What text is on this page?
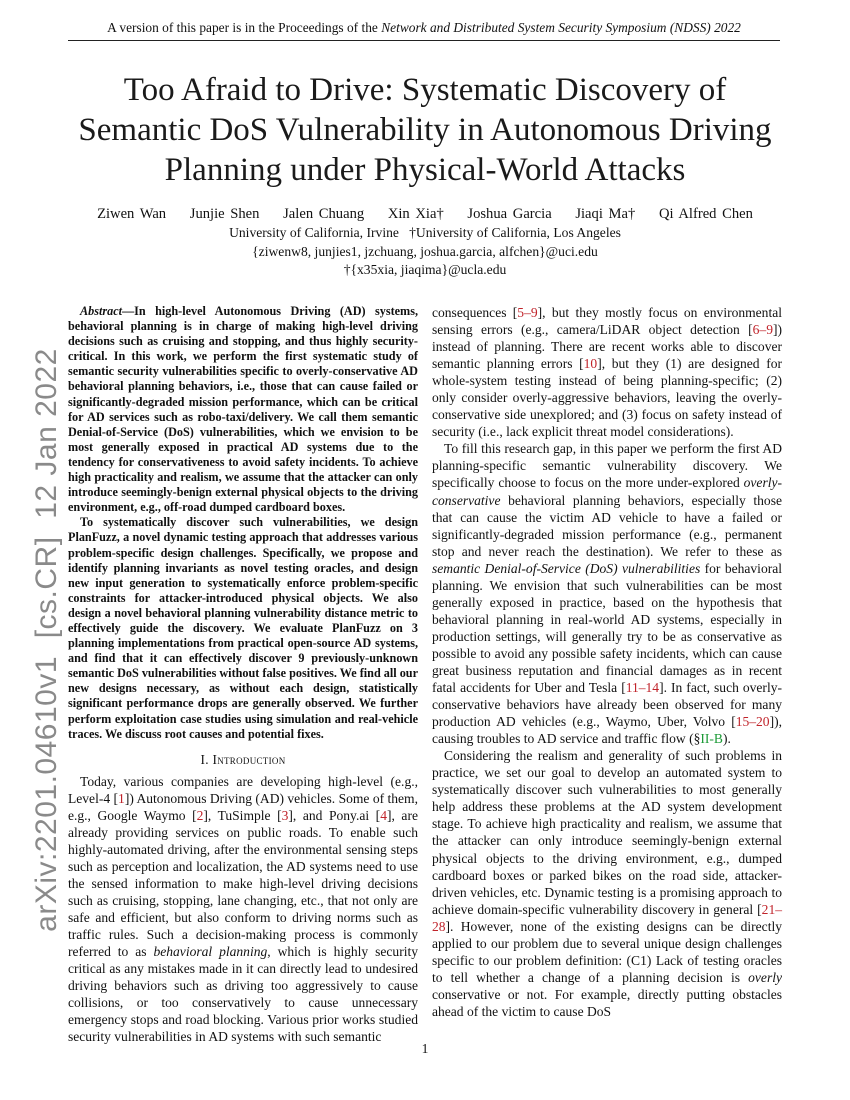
A version of this paper is in the Proceedings of the Network and Distributed System Security Symposium (NDSS) 2022
Too Afraid to Drive: Systematic Discovery of
Semantic DoS Vulnerability in Autonomous Driving
Planning under Physical-World Attacks
Ziwen Wan Junjie Shen Jalen Chuang Xin Xia† Joshua Garcia Jiaqi Ma† Qi Alfred Chen
University of California, Irvine   †University of California, Los Angeles
{ziwenw8, junjies1, jzchuang, joshua.garcia, alfchen}@uci.edu
†{x35xia, jiaqima}@ucla.edu
arXiv:2201.04610v1  [cs.CR]  12 Jan 2022

Abstract—In high-level Autonomous Driving (AD) systems, behavioral planning is in charge of making high-level driving decisions such as cruising and stopping, and thus highly security-critical. In this work, we perform the first systematic study of semantic security vulnerabilities specific to overly-conservative AD behavioral planning behaviors, i.e., those that can cause failed or significantly-degraded mission performance, which can be critical for AD services such as robo-taxi/delivery. We call them semantic Denial-of-Service (DoS) vulnerabilities, which we envision to be most generally exposed in practical AD systems due to the tendency for conservativeness to avoid safety incidents. To achieve high practicality and realism, we assume that the attacker can only introduce seemingly-benign external physical objects to the driving environment, e.g., off-road dumped cardboard boxes.

To systematically discover such vulnerabilities, we design PlanFuzz, a novel dynamic testing approach that addresses various problem-specific design challenges. Specifically, we propose and identify planning invariants as novel testing oracles, and design new input generation to systematically enforce problem-specific constraints for attacker-introduced physical objects. We also design a novel behavioral planning vulnerability distance metric to effectively guide the discovery. We evaluate PlanFuzz on 3 planning implementations from practical open-source AD systems, and find that it can effectively discover 9 previously-unknown semantic DoS vulnerabilities without false positives. We find all our new designs necessary, as without each design, statistically significant performance drops are generally observed. We further perform exploitation case studies using simulation and real-vehicle traces. We discuss root causes and potential fixes.

I. Introduction

Today, various companies are developing high-level (e.g., Level-4 [1]) Autonomous Driving (AD) vehicles. Some of them, e.g., Google Waymo [2], TuSimple [3], and Pony.ai [4], are already providing services on public roads. To enable such highly-automated driving, after the environmental sensing steps such as perception and localization, the AD systems need to use the sensed information to make high-level driving decisions such as cruising, stopping, lane changing, etc., that not only are safe and efficient, but also conform to driving norms such as traffic rules. Such a decision-making process is commonly referred to as behavioral planning, which is highly security critical as any mistakes made in it can directly lead to undesired driving behaviors such as driving too aggressively to cause collisions, or too conservatively to cause unnecessary emergency stops and road blocking. Various prior works studied security vulnerabilities in AD systems with such semantic

consequences [5–9], but they mostly focus on environmental sensing errors (e.g., camera/LiDAR object detection [6–9]) instead of planning. There are recent works able to discover semantic planning errors [10], but they (1) are designed for whole-system testing instead of being planning-specific; (2) only consider overly-aggressive behaviors, leaving the overly-conservative side unexplored; and (3) focus on safety instead of security (i.e., lack explicit threat model considerations).

To fill this research gap, in this paper we perform the first AD planning-specific semantic vulnerability discovery. We specifically choose to focus on the more under-explored overly-conservative behavioral planning behaviors, especially those that can cause the victim AD vehicle to have a failed or significantly-degraded mission performance (e.g., permanent stop and never reach the destination). We refer to these as semantic Denial-of-Service (DoS) vulnerabilities for behavioral planning. We envision that such vulnerabilities can be most generally exposed in practice, based on the hypothesis that behavioral planning in real-world AD systems, especially in production settings, will generally try to be as conservative as possible to avoid any possible safety incidents, which can cause great business reputation and financial damages as in recent fatal accidents for Uber and Tesla [11–14]. In fact, such overly-conservative behaviors have already been observed for many production AD vehicles (e.g., Waymo, Uber, Volvo [15–20]), causing troubles to AD service and traffic flow (§II-B).

Considering the realism and generality of such problems in practice, we set our goal to develop an automated system to systematically discover such vulnerabilities to most generally help address these problems at the AD system development stage. To achieve high practicality and realism, we assume that the attacker can only introduce seemingly-benign external physical objects to the driving environment, e.g., dumped cardboard boxes or parked bikes on the road side, attacker-driven vehicles, etc. Dynamic testing is a promising approach to achieve domain-specific vulnerability discovery in general [21–28]. However, none of the existing designs can be directly applied to our problem due to several unique design challenges specific to our problem definition: (C1) Lack of testing oracles to tell whether a change of a planning decision is overly conservative or not. For example, directly putting obstacles ahead of the victim to cause DoS

1
